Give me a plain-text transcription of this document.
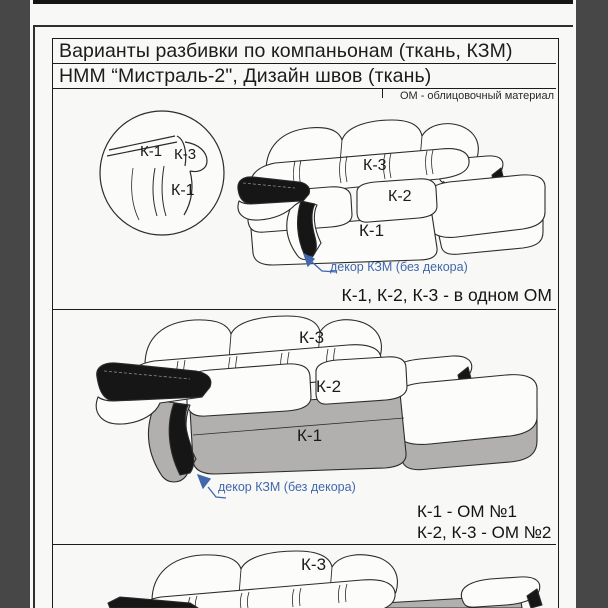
Варианты разбивки по компаньонам (ткань, КЗМ)
НММ “Мистраль-2", Дизайн швов (ткань)
ОМ - облицовочный материал
К-1 К-3
К-1
К-3
К-2
К-1
декор КЗМ (без декора)
К-1, К-2, К-3 - в одном ОМ
К-3
К-2
К-1
декор КЗМ (без декора)
К-1 - ОМ №1
К-2, К-3 - ОМ №2
К-3
